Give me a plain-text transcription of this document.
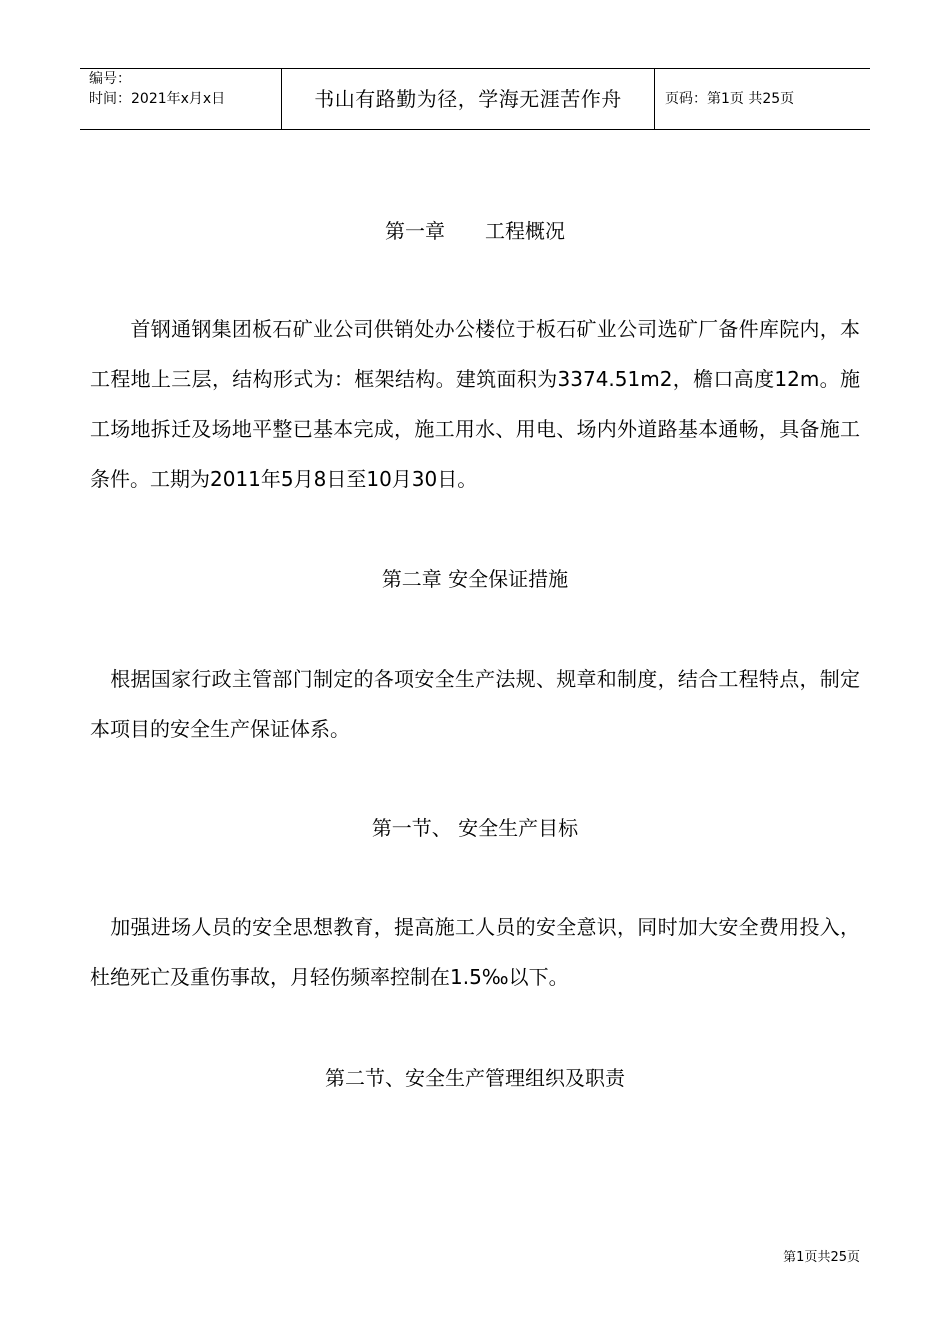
编号：
时间：2021年x月x日	书山有路勤为径，学海无涯苦作舟	页码：第1页 共25页
第一章　　工程概况
　　首钢通钢集团板石矿业公司供销处办公楼位于板石矿业公司选矿厂备件库院内，本工程地上三层，结构形式为：框架结构。建筑面积为3374.51m2，檐口高度12m。施工场地拆迁及场地平整已基本完成，施工用水、用电、场内外道路基本通畅，具备施工条件。工期为2011年5月8日至10月30日。
第二章 安全保证措施
　根据国家行政主管部门制定的各项安全生产法规、规章和制度，结合工程特点，制定本项目的安全生产保证体系。
第一节、 安全生产目标
　加强进场人员的安全思想教育，提高施工人员的安全意识，同时加大安全费用投入，杜绝死亡及重伤事故，月轻伤频率控制在1.5‰以下。
第二节、安全生产管理组织及职责
第1页共25页
